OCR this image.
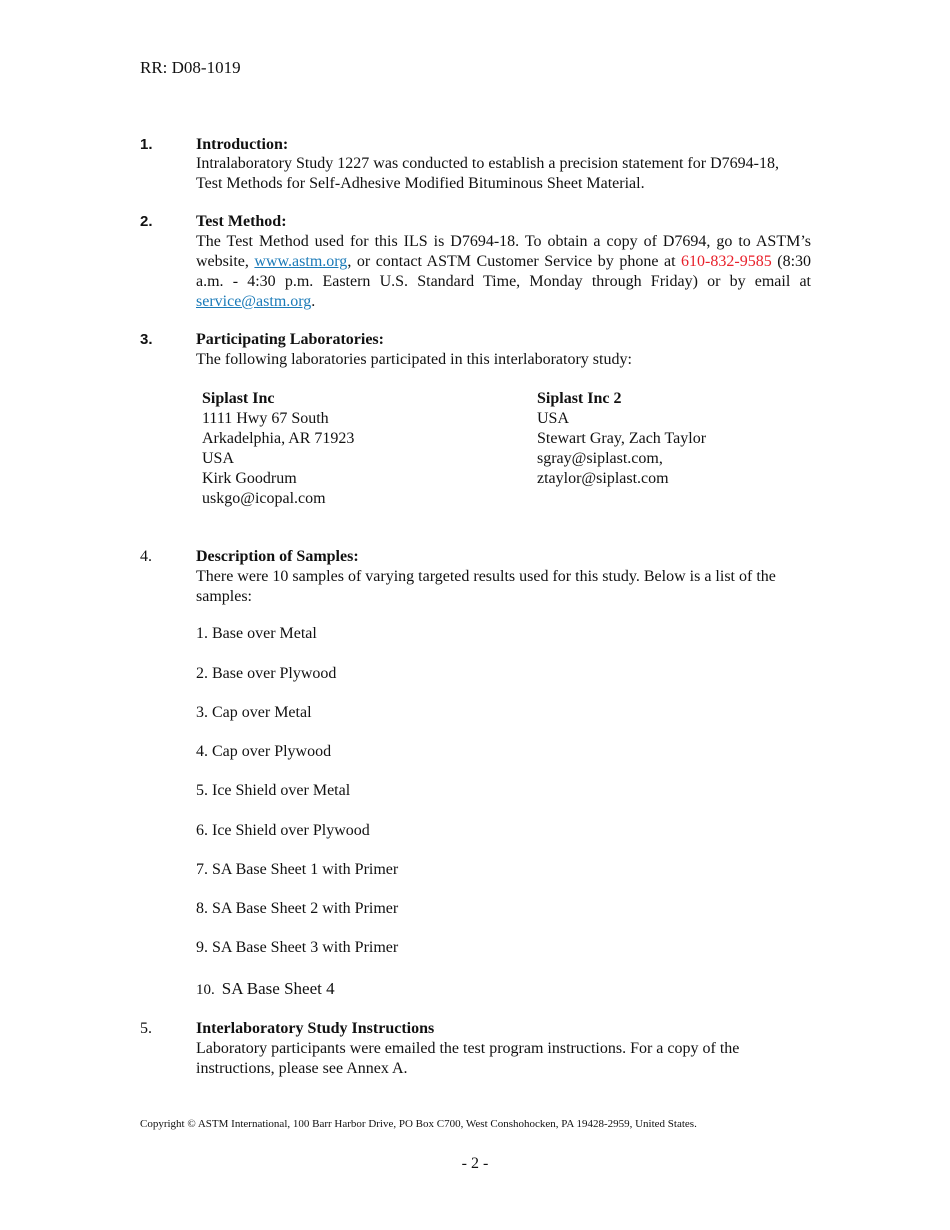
RR: D08-1019
1.	Introduction:
Intralaboratory Study 1227 was conducted to establish a precision statement for D7694-18, Test Methods for Self-Adhesive Modified Bituminous Sheet Material.
2.	Test Method:
The Test Method used for this ILS is D7694-18. To obtain a copy of D7694, go to ASTM’s website, www.astm.org, or contact ASTM Customer Service by phone at 610-832-9585 (8:30 a.m. - 4:30 p.m. Eastern U.S. Standard Time, Monday through Friday) or by email at service@astm.org.
3.	Participating Laboratories:
The following laboratories participated in this interlaboratory study:
Siplast Inc
1111 Hwy 67 South
Arkadelphia, AR 71923
USA
Kirk Goodrum
uskgo@icopal.com
Siplast Inc 2
USA
Stewart Gray, Zach Taylor
sgray@siplast.com,
ztaylor@siplast.com
4.	Description of Samples:
There were 10 samples of varying targeted results used for this study. Below is a list of the samples:
1. Base over Metal
2. Base over Plywood
3. Cap over Metal
4. Cap over Plywood
5. Ice Shield over Metal
6. Ice Shield over Plywood
7. SA Base Sheet 1 with Primer
8. SA Base Sheet 2 with Primer
9. SA Base Sheet 3 with Primer
10. SA Base Sheet 4
5.	Interlaboratory Study Instructions
Laboratory participants were emailed the test program instructions. For a copy of the instructions, please see Annex A.
Copyright © ASTM International, 100 Barr Harbor Drive, PO Box C700, West Conshohocken, PA 19428-2959, United States.
- 2 -
